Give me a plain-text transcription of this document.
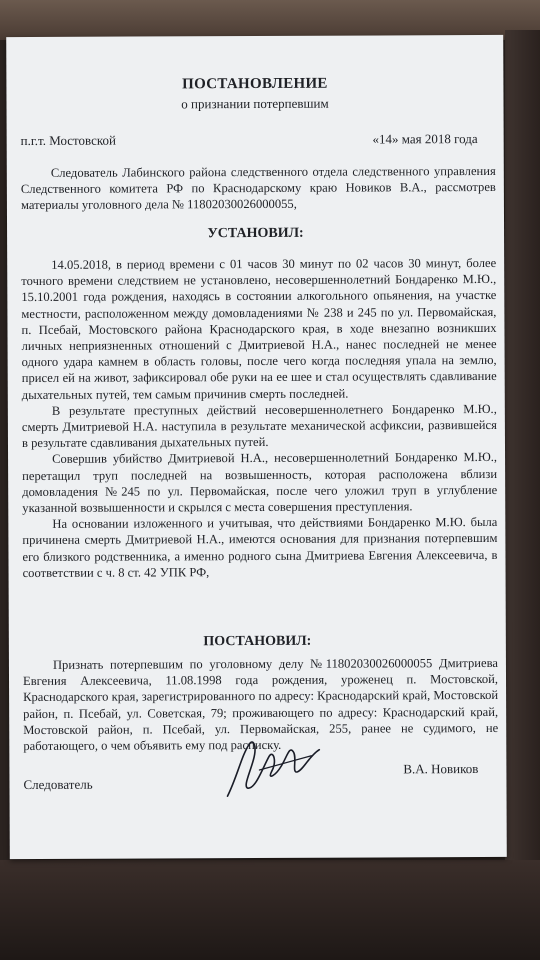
ПОСТАНОВЛЕНИЕ
о признании потерпевшим
п.г.т. Мостовской	«14» мая 2018 года

Следователь Лабинского района следственного отдела следственного управления Следственного комитета РФ по Краснодарскому краю Новиков В.А., рассмотрев материалы уголовного дела № 11802030026000055,

УСТАНОВИЛ:

14.05.2018, в период времени с 01 часов 30 минут по 02 часов 30 минут, более точного времени следствием не установлено, несовершеннолетний Бондаренко М.Ю., 15.10.2001 года рождения, находясь в состоянии алкогольного опьянения, на участке местности, расположенном между домовладениями № 238 и 245 по ул. Первомайская, п. Псебай, Мостовского района Краснодарского края, в ходе внезапно возникших личных неприязненных отношений с Дмитриевой Н.А., нанес последней не менее одного удара камнем в область головы, после чего когда последняя упала на землю, присел ей на живот, зафиксировал обе руки на ее шее и стал осуществлять сдавливание дыхательных путей, тем самым причинив смерть последней.

В результате преступных действий несовершеннолетнего Бондаренко М.Ю., смерть Дмитриевой Н.А. наступила в результате механической асфиксии, развившейся в результате сдавливания дыхательных путей.

Совершив убийство Дмитриевой Н.А., несовершеннолетний Бондаренко М.Ю., перетащил труп последней на возвышенность, которая расположена вблизи домовладения №245 по ул. Первомайская, после чего уложил труп в углубление указанной возвышенности и скрылся с места совершения преступления.

На основании изложенного и учитывая, что действиями Бондаренко М.Ю. была причинена смерть Дмитриевой Н.А., имеются основания для признания потерпевшим его близкого родственника, а именно родного сына Дмитриева Евгения Алексеевича, в соответствии с ч. 8 ст. 42 УПК РФ,

ПОСТАНОВИЛ:

Признать потерпевшим по уголовному делу №11802030026000055 Дмитриева Евгения Алексеевича, 11.08.1998 года рождения, уроженец п. Мостовской, Краснодарского края, зарегистрированного по адресу: Краснодарский край, Мостовской район, п. Псебай, ул. Советская, 79; проживающего по адресу: Краснодарский край, Мостовской район, п. Псебай, ул. Первомайская, 255, ранее не судимого, не работающего, о чем объявить ему под расписку.

Следователь
В.А. Новиков
